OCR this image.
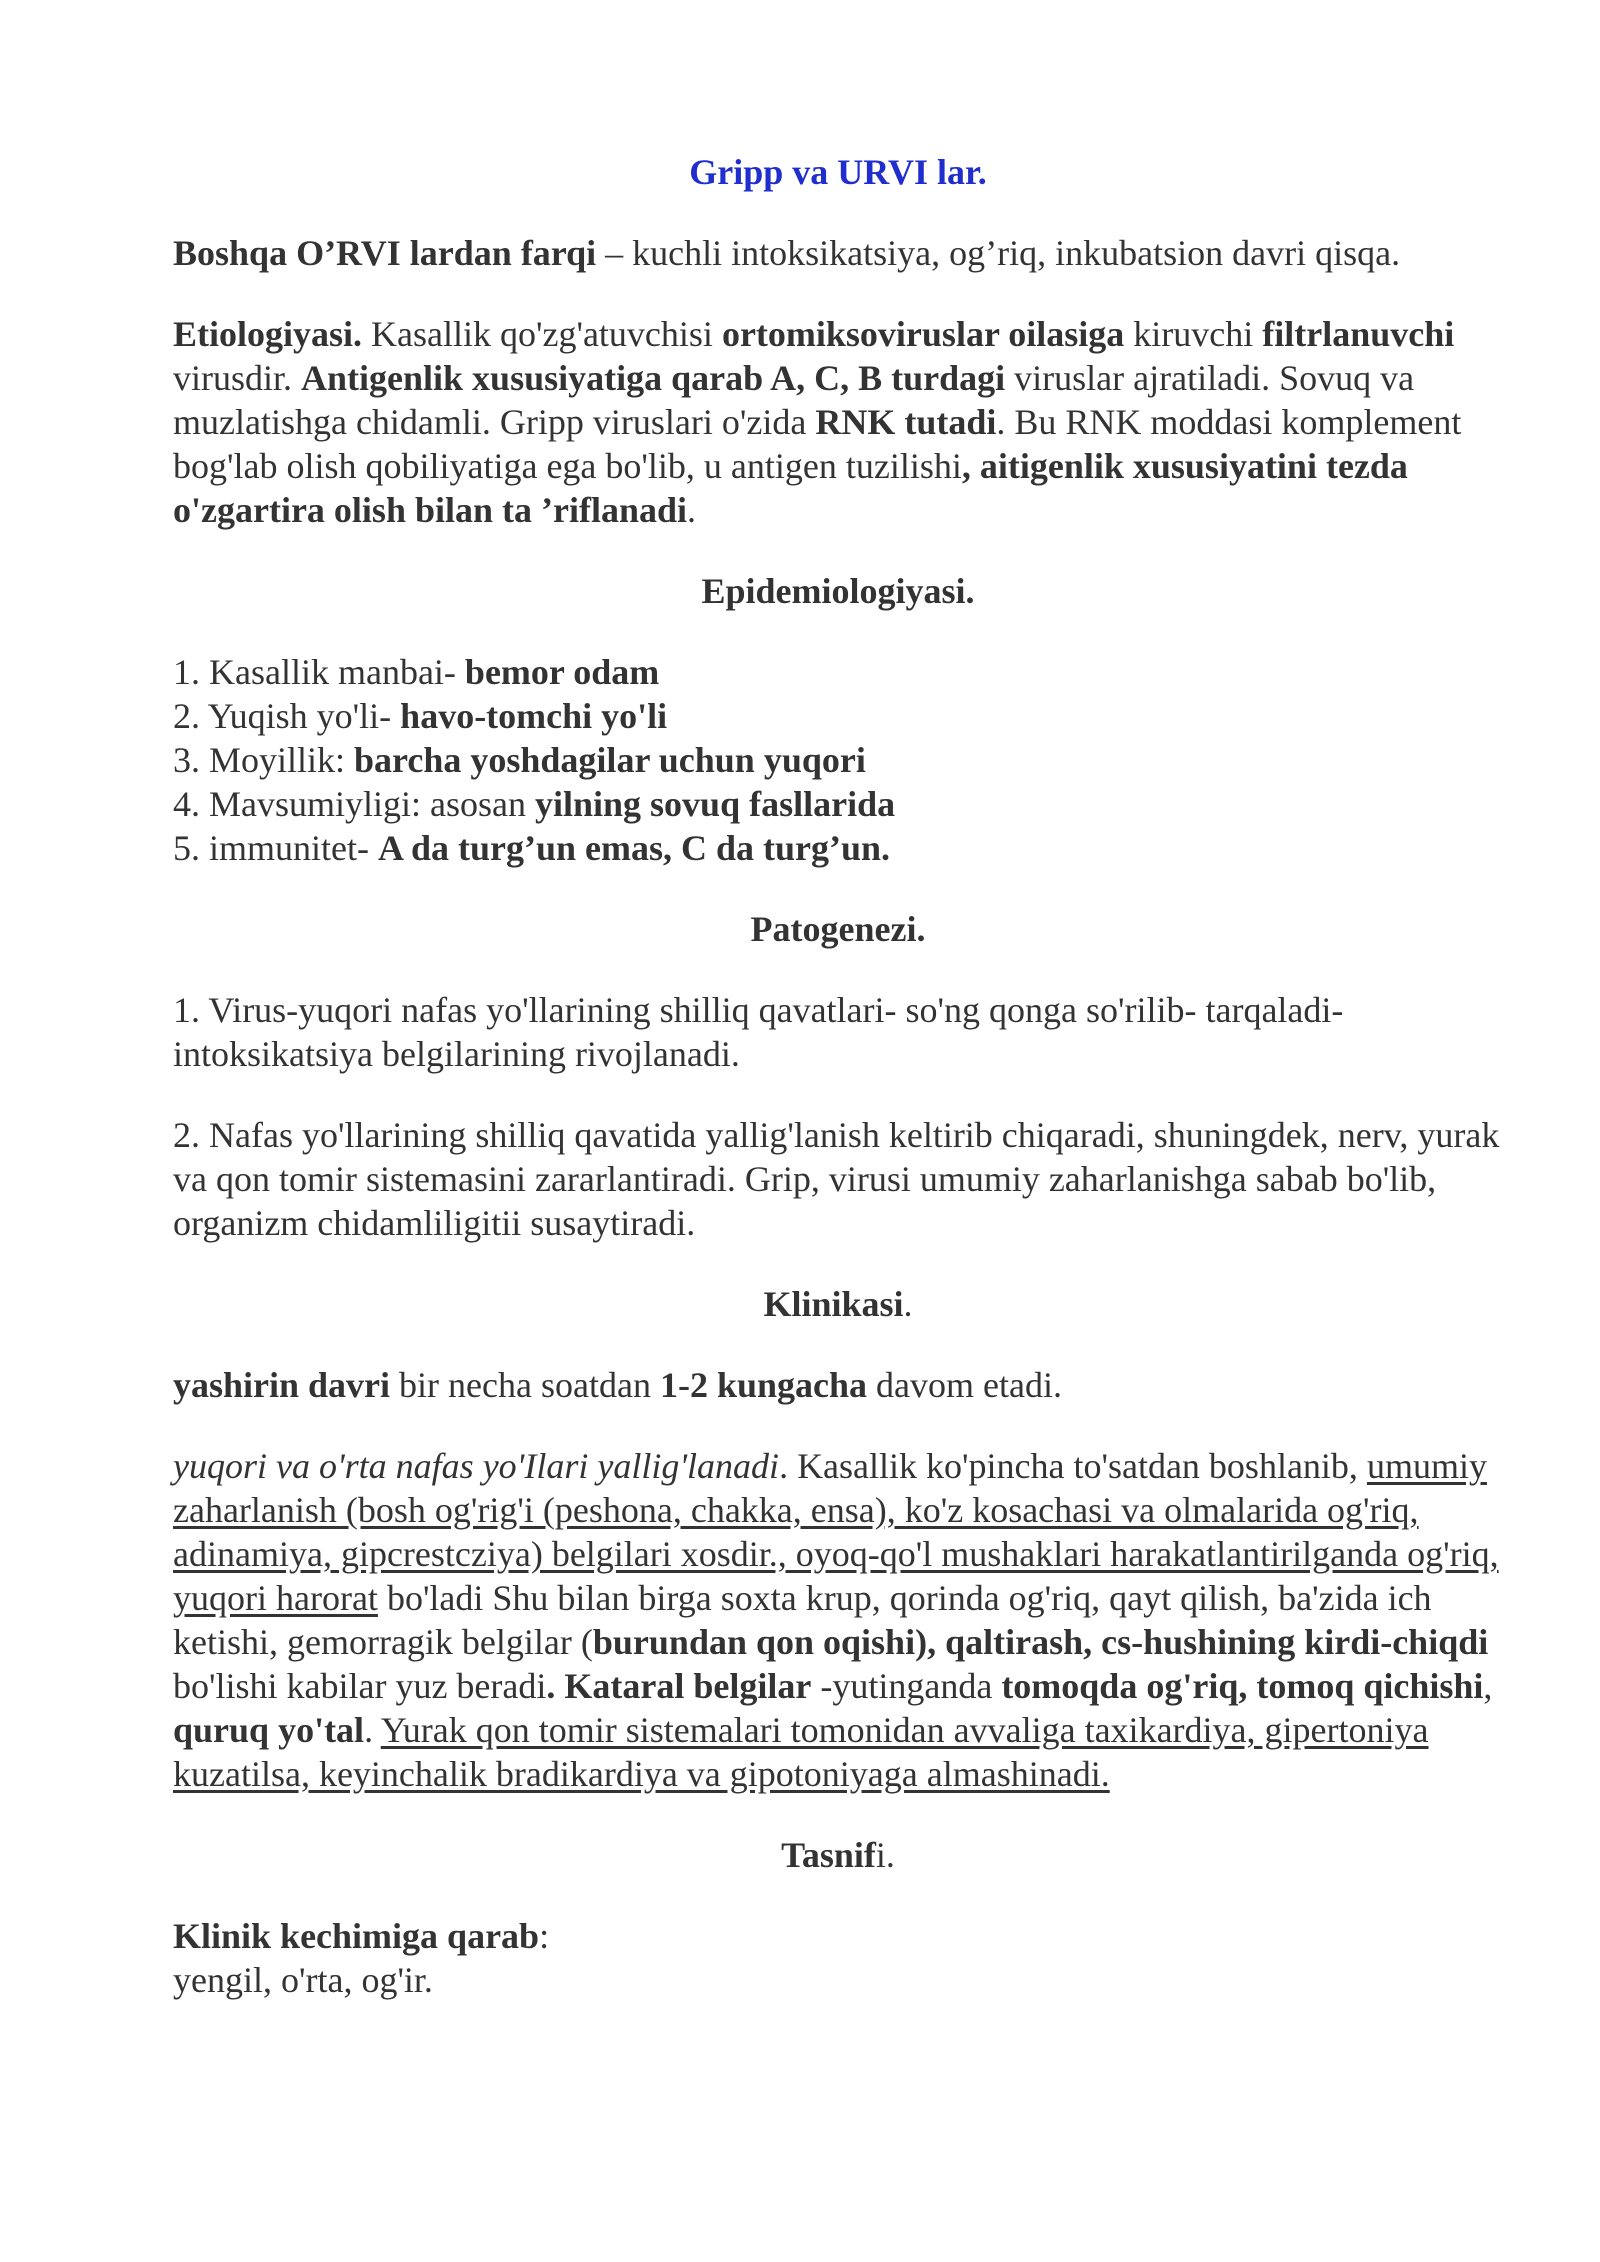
Gripp va URVI lar.

Boshqa O’RVI lardan farqi – kuchli intoksikatsiya, og’riq, inkubatsion davri qisqa.

Etiologiyasi. Kasallik qo'zg'atuvchisi ortomiksoviruslar oilasiga kiruvchi filtrlanuvchi virusdir. Antigenlik xususiyatiga qarab A, C, B turdagi viruslar ajratiladi. Sovuq va muzlatishga chidamli. Gripp viruslari o'zida RNK tutadi. Bu RNK moddasi komplement bog'lab olish qobiliyatiga ega bo'lib, u antigen tuzilishi, aitigenlik xususiyatini tezda o'zgartira olish bilan ta ’riflanadi.

Epidemiologiyasi.

1. Kasallik manbai- bemor odam

2. Yuqish yo'li- havo-tomchi yo'li

3. Moyillik: barcha yoshdagilar uchun yuqori

4. Mavsumiyligi: asosan yilning sovuq fasllarida

5. immunitet- A da turg’un emas, C da turg’un.

Patogenezi.

1. Virus-yuqori nafas yo'llarining shilliq qavatlari- so'ng qonga so'rilib- tarqaladi- intoksikatsiya belgilarining rivojlanadi.

2. Nafas yo'llarining shilliq qavatida yallig'lanish keltirib chiqaradi, shuningdek, nerv, yurak va qon tomir sistemasini zararlantiradi. Grip, virusi umumiy zaharlanishga sabab bo'lib, organizm chidamliligitii susaytiradi.

Klinikasi.

yashirin davri bir necha soatdan 1-2 kungacha davom etadi.

yuqori va o'rta nafas yo'Ilari yallig'lanadi. Kasallik ko'pincha to'satdan boshlanib, umumiy zaharlanish (bosh og'rig'i (peshona, chakka, ensa), ko'z kosachasi va olmalarida og'riq, adinamiya, gipcrestcziya) belgilari xosdir., oyoq-qo'l mushaklari harakatlantirilganda og'riq, yuqori harorat bo'ladi Shu bilan birga soxta krup, qorinda og'riq, qayt qilish, ba'zida ich ketishi, gemorragik belgilar (burundan qon oqishi), qaltirash, cs-hushining kirdi-chiqdi bo'lishi kabilar yuz beradi. Kataral belgilar -yutinganda tomoqda og'riq, tomoq qichishi, quruq yo'tal. Yurak qon tomir sistemalari tomonidan avvaliga taxikardiya, gipertoniya kuzatilsa, keyinchalik bradikardiya va gipotoniyaga almashinadi.

Tasnifi.

Klinik kechimiga qarab:

yengil, o'rta, og'ir.
